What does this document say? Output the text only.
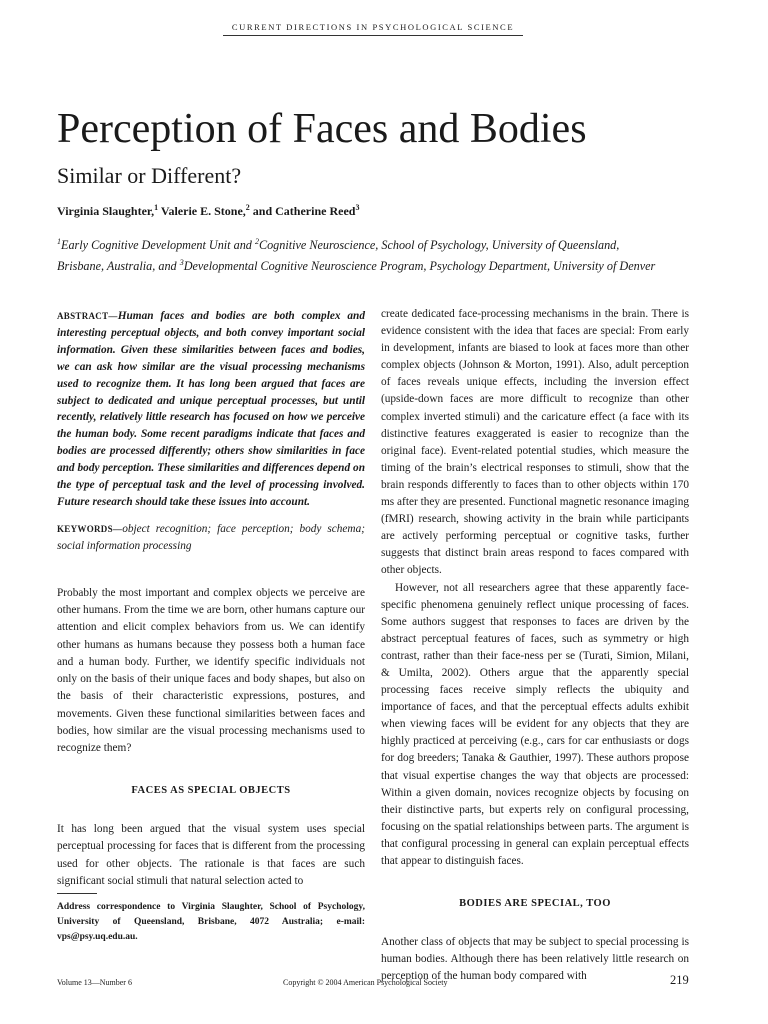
CURRENT DIRECTIONS IN PSYCHOLOGICAL SCIENCE
Perception of Faces and Bodies
Similar or Different?
Virginia Slaughter,$^1$ Valerie E. Stone,$^2$ and Catherine Reed$^3$
$^1$Early Cognitive Development Unit and $^2$Cognitive Neuroscience, School of Psychology, University of Queensland,
Brisbane, Australia, and $^3$Developmental Cognitive Neuroscience Program, Psychology Department, University of Denver

ABSTRACT—Human faces and bodies are both complex and interesting perceptual objects, and both convey important social information. Given these similarities between faces and bodies, we can ask how similar are the visual processing mechanisms used to recognize them. It has long been argued that faces are subject to dedicated and unique perceptual processes, but until recently, relatively little research has focused on how we perceive the human body. Some recent paradigms indicate that faces and bodies are processed differently; others show similarities in face and body perception. These similarities and differences depend on the type of perceptual task and the level of processing involved. Future research should take these issues into account.

KEYWORDS—object recognition; face perception; body schema; social information processing

Probably the most important and complex objects we perceive are other humans. From the time we are born, other humans capture our attention and elicit complex behaviors from us. We can identify other humans as humans because they possess both a human face and a human body. Further, we identify specific individuals not only on the basis of their unique faces and body shapes, but also on the basis of their characteristic expressions, postures, and movements. Given these functional similarities between faces and bodies, how similar are the visual processing mechanisms used to recognize them?

FACES AS SPECIAL OBJECTS

It has long been argued that the visual system uses special perceptual processing for faces that is different from the processing used for other objects. The rationale is that faces are such significant social stimuli that natural selection acted to

Address correspondence to Virginia Slaughter, School of Psychology, University of Queensland, Brisbane, 4072 Australia; e-mail: vps@psy.uq.edu.au.

create dedicated face-processing mechanisms in the brain. There is evidence consistent with the idea that faces are special: From early in development, infants are biased to look at faces more than other complex objects (Johnson & Morton, 1991). Also, adult perception of faces reveals unique effects, including the inversion effect (upside-down faces are more difficult to recognize than other complex inverted stimuli) and the caricature effect (a face with its distinctive features exaggerated is easier to recognize than the original face). Event-related potential studies, which measure the timing of the brain’s electrical responses to stimuli, show that the brain responds differently to faces than to other objects within 170 ms after they are presented. Functional magnetic resonance imaging (fMRI) research, showing activity in the brain while participants are actively performing perceptual or cognitive tasks, further suggests that distinct brain areas respond to faces compared with other objects.

However, not all researchers agree that these apparently face-specific phenomena genuinely reflect unique processing of faces. Some authors suggest that responses to faces are driven by the abstract perceptual features of faces, such as symmetry or high contrast, rather than their face-ness per se (Turati, Simion, Milani, & Umilta, 2002). Others argue that the apparently special processing faces receive simply reflects the ubiquity and importance of faces, and that the perceptual effects adults exhibit when viewing faces will be evident for any objects that they are highly practiced at perceiving (e.g., cars for car enthusiasts or dogs for dog breeders; Tanaka & Gauthier, 1997). These authors propose that visual expertise changes the way that objects are processed: Within a given domain, novices recognize objects by focusing on their distinctive parts, but experts rely on configural processing, focusing on the spatial relationships between parts. The argument is that configural processing in general can explain perceptual effects that appear to distinguish faces.

BODIES ARE SPECIAL, TOO

Another class of objects that may be subject to special processing is human bodies. Although there has been relatively little research on perception of the human body compared with

Volume 13—Number 6	Copyright © 2004 American Psychological Society	219
